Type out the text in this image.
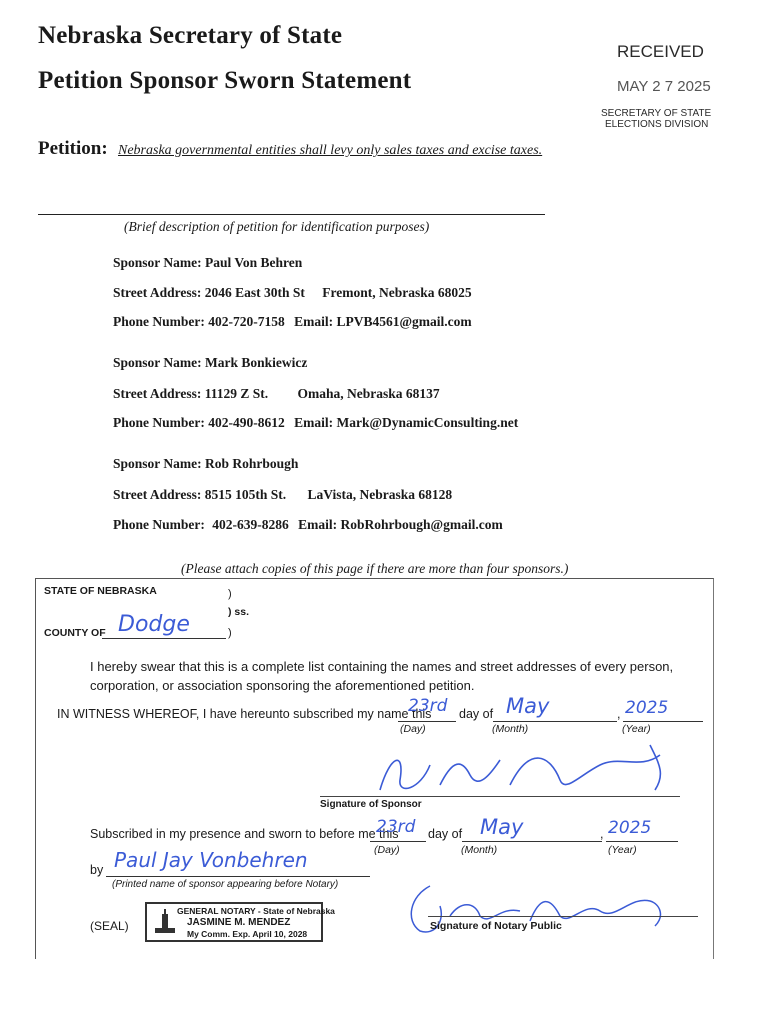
Nebraska Secretary of State
Petition Sponsor Sworn Statement
RECEIVED
MAY 2 7 2025
SECRETARY OF STATE
ELECTIONS DIVISION
Petition: Nebraska governmental entities shall levy only sales taxes and excise taxes.
(Brief description of petition for identification purposes)
Sponsor Name: Paul Von Behren
Street Address: 2046 East 30th St Fremont, Nebraska 68025
Phone Number: 402-720-7158 Email: LPVB4561@gmail.com
Sponsor Name: Mark Bonkiewicz
Street Address: 11129 Z St. Omaha, Nebraska 68137
Phone Number: 402-490-8612 Email: Mark@DynamicConsulting.net
Sponsor Name: Rob Rohrbough
Street Address: 8515 105th St. LaVista, Nebraska 68128
Phone Number: 402-639-8286 Email: RobRohrbough@gmail.com
(Please attach copies of this page if there are more than four sponsors.)
STATE OF NEBRASKA	)
) ss.
COUNTY OF Dodge	)
I hereby swear that this is a complete list containing the names and street addresses of every person,
corporation, or association sponsoring the aforementioned petition.
IN WITNESS WHEREOF, I have hereunto subscribed my name this
23rd day of May	, 2025
(Day)	(Month)	(Year)
Signature of Sponsor
Subscribed in my presence and sworn to before me this
23rd day of May	, 2025
(Day)	(Month)	(Year)
by Paul Jay Vonbehren
(Printed name of sponsor appearing before Notary)
(SEAL)
GENERAL NOTARY - State of Nebraska
JASMINE M. MENDEZ
My Comm. Exp. April 10, 2028
Signature of Notary Public
